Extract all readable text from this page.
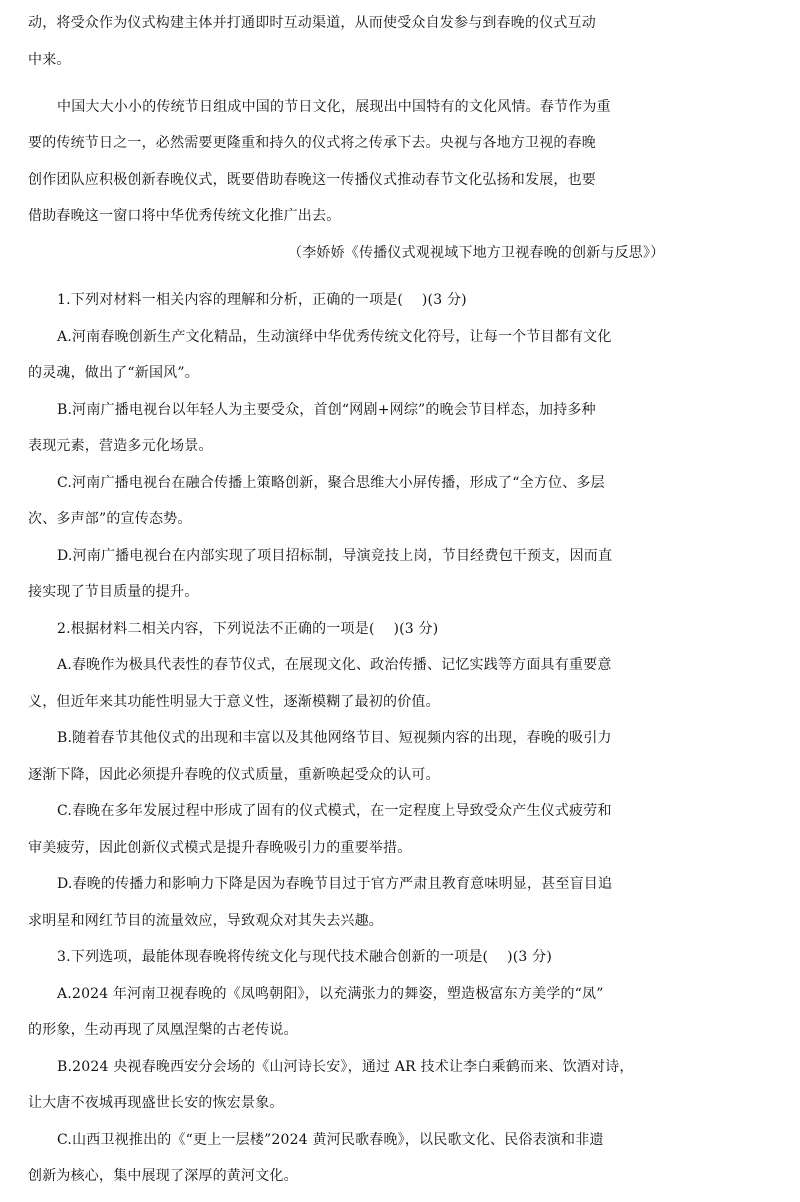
动，将受众作为仪式构建主体并打通即时互动渠道，从而使受众自发参与到春晚的仪式互动
中来。
中国大大小小的传统节日组成中国的节日文化，展现出中国特有的文化风情。春节作为重
要的传统节日之一，必然需要更隆重和持久的仪式将之传承下去。央视与各地方卫视的春晚
创作团队应积极创新春晚仪式，既要借助春晚这一传播仪式推动春节文化弘扬和发展，也要
借助春晚这一窗口将中华优秀传统文化推广出去。
（李娇娇《传播仪式观视域下地方卫视春晚的创新与反思》）
1.下列对材料一相关内容的理解和分析，正确的一项是(　 )(3 分)
A.河南春晚创新生产文化精品，生动演绎中华优秀传统文化符号，让每一个节目都有文化
的灵魂，做出了“新国风”。
B.河南广播电视台以年轻人为主要受众，首创“网剧+网综”的晚会节目样态，加持多种
表现元素，营造多元化场景。
C.河南广播电视台在融合传播上策略创新，聚合思维大小屏传播，形成了“全方位、多层
次、多声部”的宣传态势。
D.河南广播电视台在内部实现了项目招标制，导演竞技上岗，节目经费包干预支，因而直
接实现了节目质量的提升。
2.根据材料二相关内容，下列说法不正确的一项是(　 )(3 分)
A.春晚作为极具代表性的春节仪式，在展现文化、政治传播、记忆实践等方面具有重要意
义，但近年来其功能性明显大于意义性，逐渐模糊了最初的价值。
B.随着春节其他仪式的出现和丰富以及其他网络节目、短视频内容的出现，春晚的吸引力
逐渐下降，因此必须提升春晚的仪式质量，重新唤起受众的认可。
C.春晚在多年发展过程中形成了固有的仪式模式，在一定程度上导致受众产生仪式疲劳和
审美疲劳，因此创新仪式模式是提升春晚吸引力的重要举措。
D.春晚的传播力和影响力下降是因为春晚节目过于官方严肃且教育意味明显，甚至盲目追
求明星和网红节目的流量效应，导致观众对其失去兴趣。
3.下列选项，最能体现春晚将传统文化与现代技术融合创新的一项是(　 )(3 分)
A.2024 年河南卫视春晚的《凤鸣朝阳》，以充满张力的舞姿，塑造极富东方美学的“凤”
的形象，生动再现了凤凰涅槃的古老传说。
B.2024 央视春晚西安分会场的《山河诗长安》，通过 AR 技术让李白乘鹤而来、饮酒对诗，
让大唐不夜城再现盛世长安的恢宏景象。
C.山西卫视推出的《“更上一层楼”2024 黄河民歌春晚》，以民歌文化、民俗表演和非遗
创新为核心，集中展现了深厚的黄河文化。
